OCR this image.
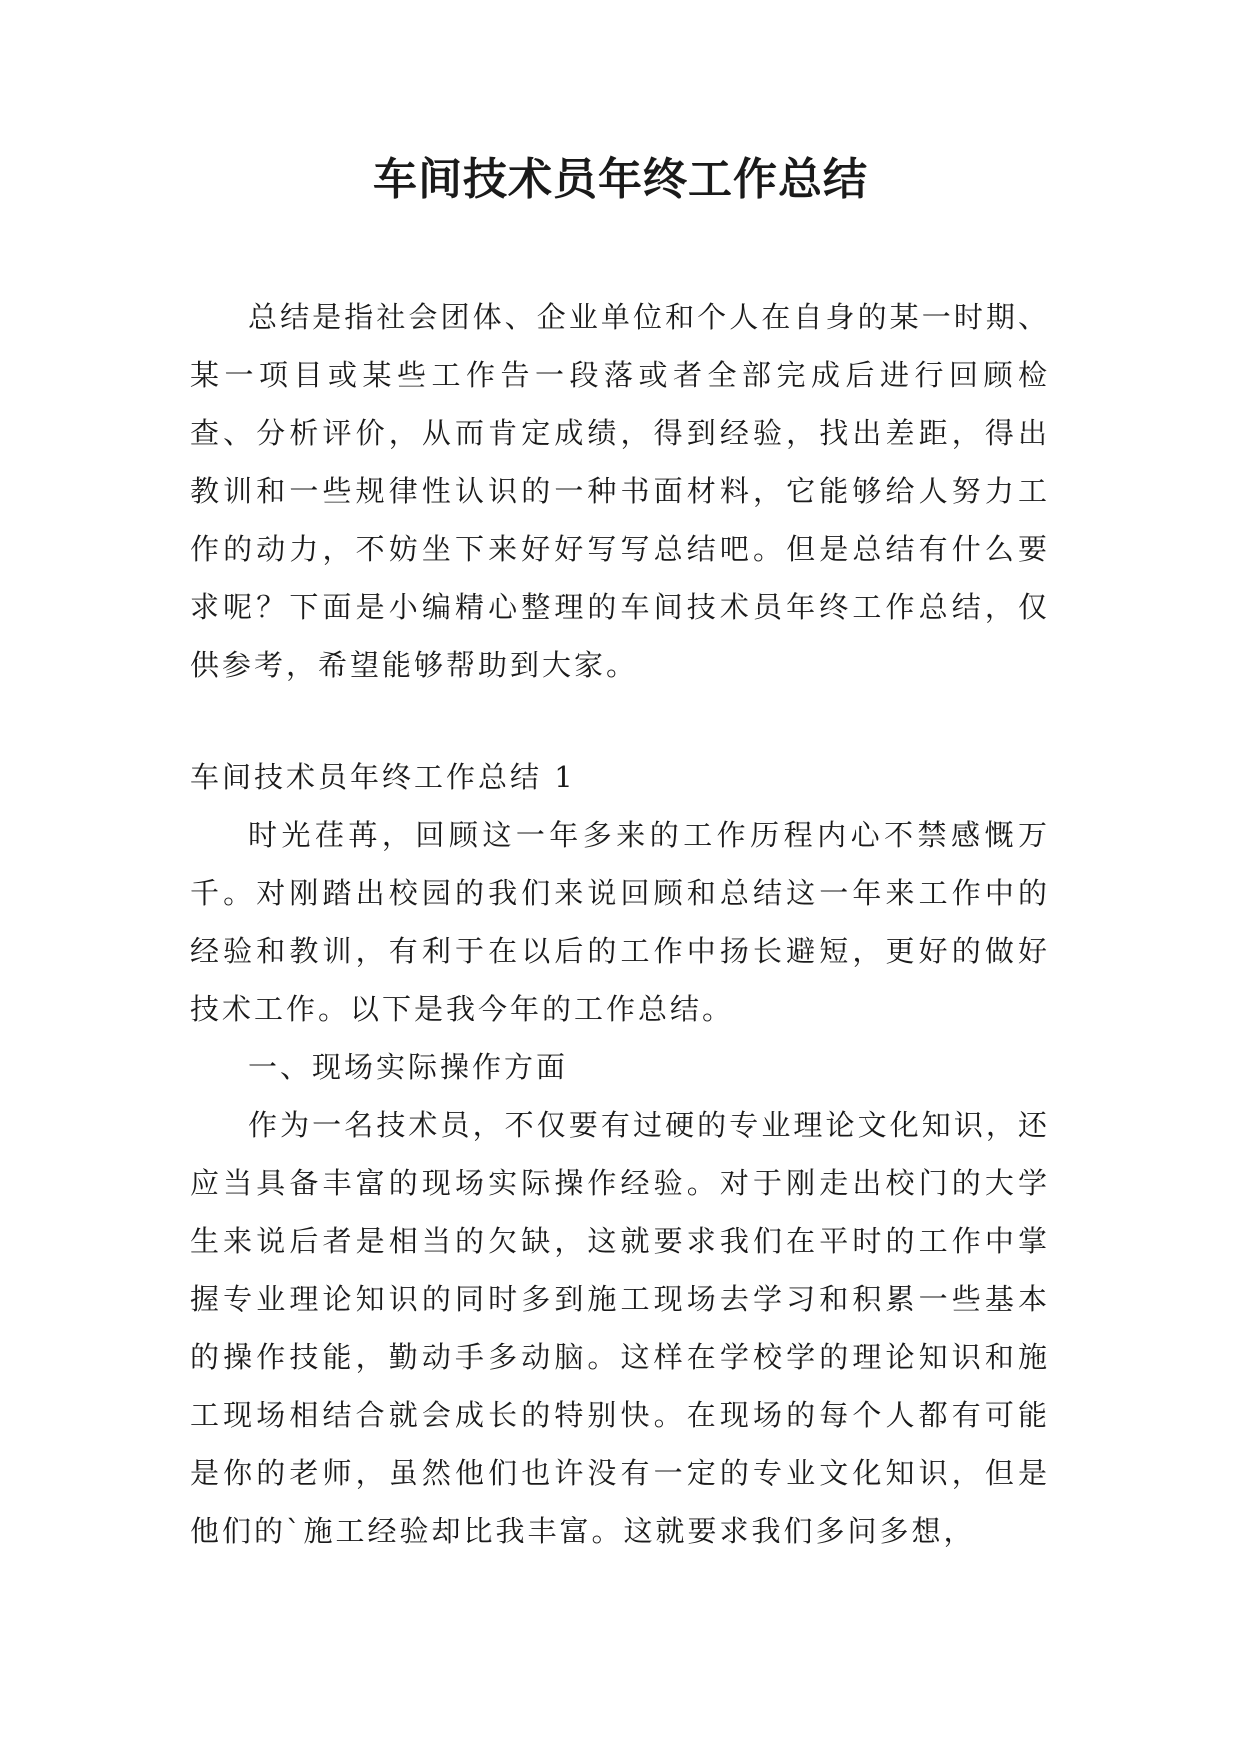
车间技术员年终工作总结

总结是指社会团体、企业单位和个人在自身的某一时期、某一项目或某些工作告一段落或者全部完成后进行回顾检查、分析评价，从而肯定成绩，得到经验，找出差距，得出教训和一些规律性认识的一种书面材料，它能够给人努力工作的动力，不妨坐下来好好写写总结吧。但是总结有什么要求呢？下面是小编精心整理的车间技术员年终工作总结，仅供参考，希望能够帮助到大家。

车间技术员年终工作总结 1

时光荏苒，回顾这一年多来的工作历程内心不禁感慨万千。对刚踏出校园的我们来说回顾和总结这一年来工作中的经验和教训，有利于在以后的工作中扬长避短，更好的做好技术工作。以下是我今年的工作总结。

一、现场实际操作方面

作为一名技术员，不仅要有过硬的专业理论文化知识，还应当具备丰富的现场实际操作经验。对于刚走出校门的大学生来说后者是相当的欠缺，这就要求我们在平时的工作中掌握专业理论知识的同时多到施工现场去学习和积累一些基本的操作技能，勤动手多动脑。这样在学校学的理论知识和施工现场相结合就会成长的特别快。在现场的每个人都有可能是你的老师，虽然他们也许没有一定的专业文化知识，但是他们的`施工经验却比我丰富。这就要求我们多问多想，
